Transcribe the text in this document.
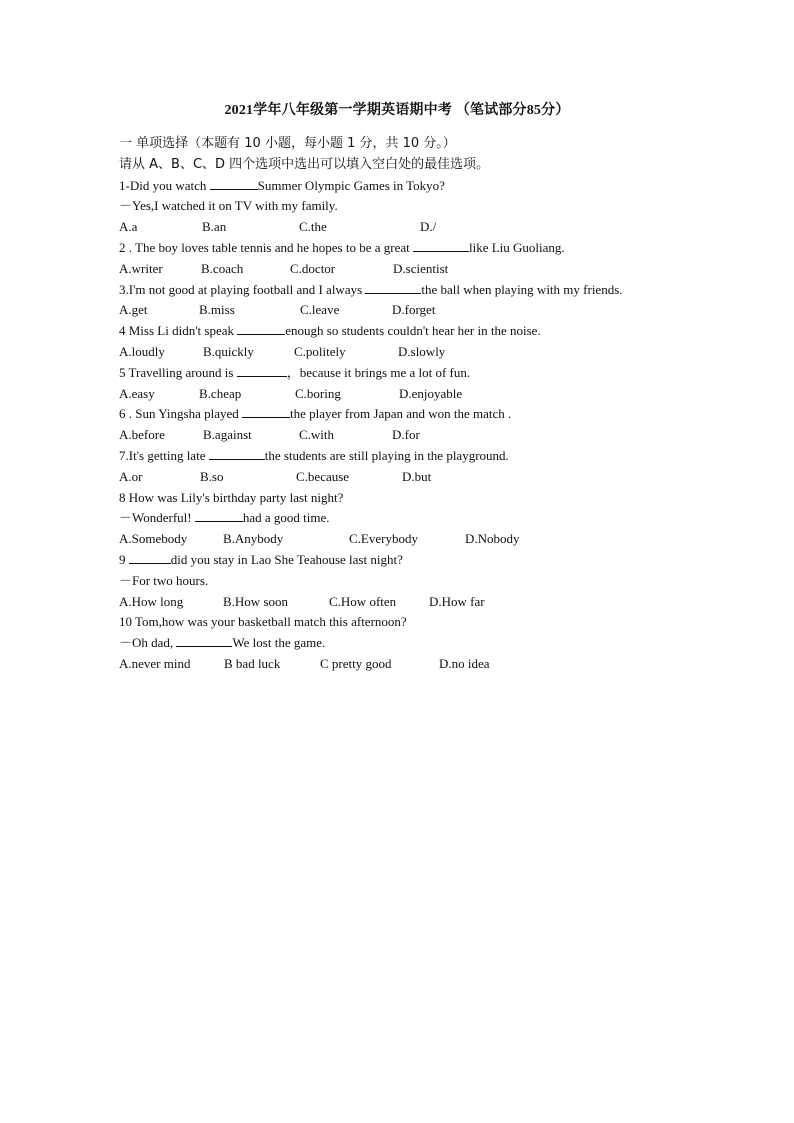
2021学年八年级第一学期英语期中考 （笔试部分85分）
一 单项选择（本题有 10 小题，每小题 1 分，共 10 分。）
请从 A、B、C、D 四个选项中选出可以填入空白处的最佳选项。
1-Did you watch	Summer Olympic Games in Tokyo?
－Yes,I watched it on TV with my family.
A.a	B.an	C.the	D./
2 . The boy loves table tennis and he hopes to be a great	like Liu Guoliang.
A.writer	B.coach	C.doctor	D.scientist
3.I'm not good at playing football and I always	the ball when playing with my friends.
A.get	B.miss	C.leave	D.forget
4 Miss Li didn't speak	enough so students couldn't hear her in the noise.
A.loudly	B.quickly	C.politely	D.slowly
5 Travelling around is	，because it brings me a lot of fun.
A.easy	B.cheap	C.boring	D.enjoyable
6 . Sun Yingsha played	the player from Japan and won the match .
A.before	B.against	C.with	D.for
7.It's getting late	the students are still playing in the playground.
A.or	B.so	C.because	D.but
8 How was Lily's birthday party last night?
－Wonderful!	had a good time.
A.Somebody	B.Anybody	C.Everybody	D.Nobody
9	did you stay in Lao She Teahouse last night?
－For two hours.
A.How long	B.How soon	C.How often	D.How far
10 Tom,how was your basketball match this afternoon?
－Oh dad,	We lost the game.
A.never mind	B bad luck	C pretty good	D.no idea
